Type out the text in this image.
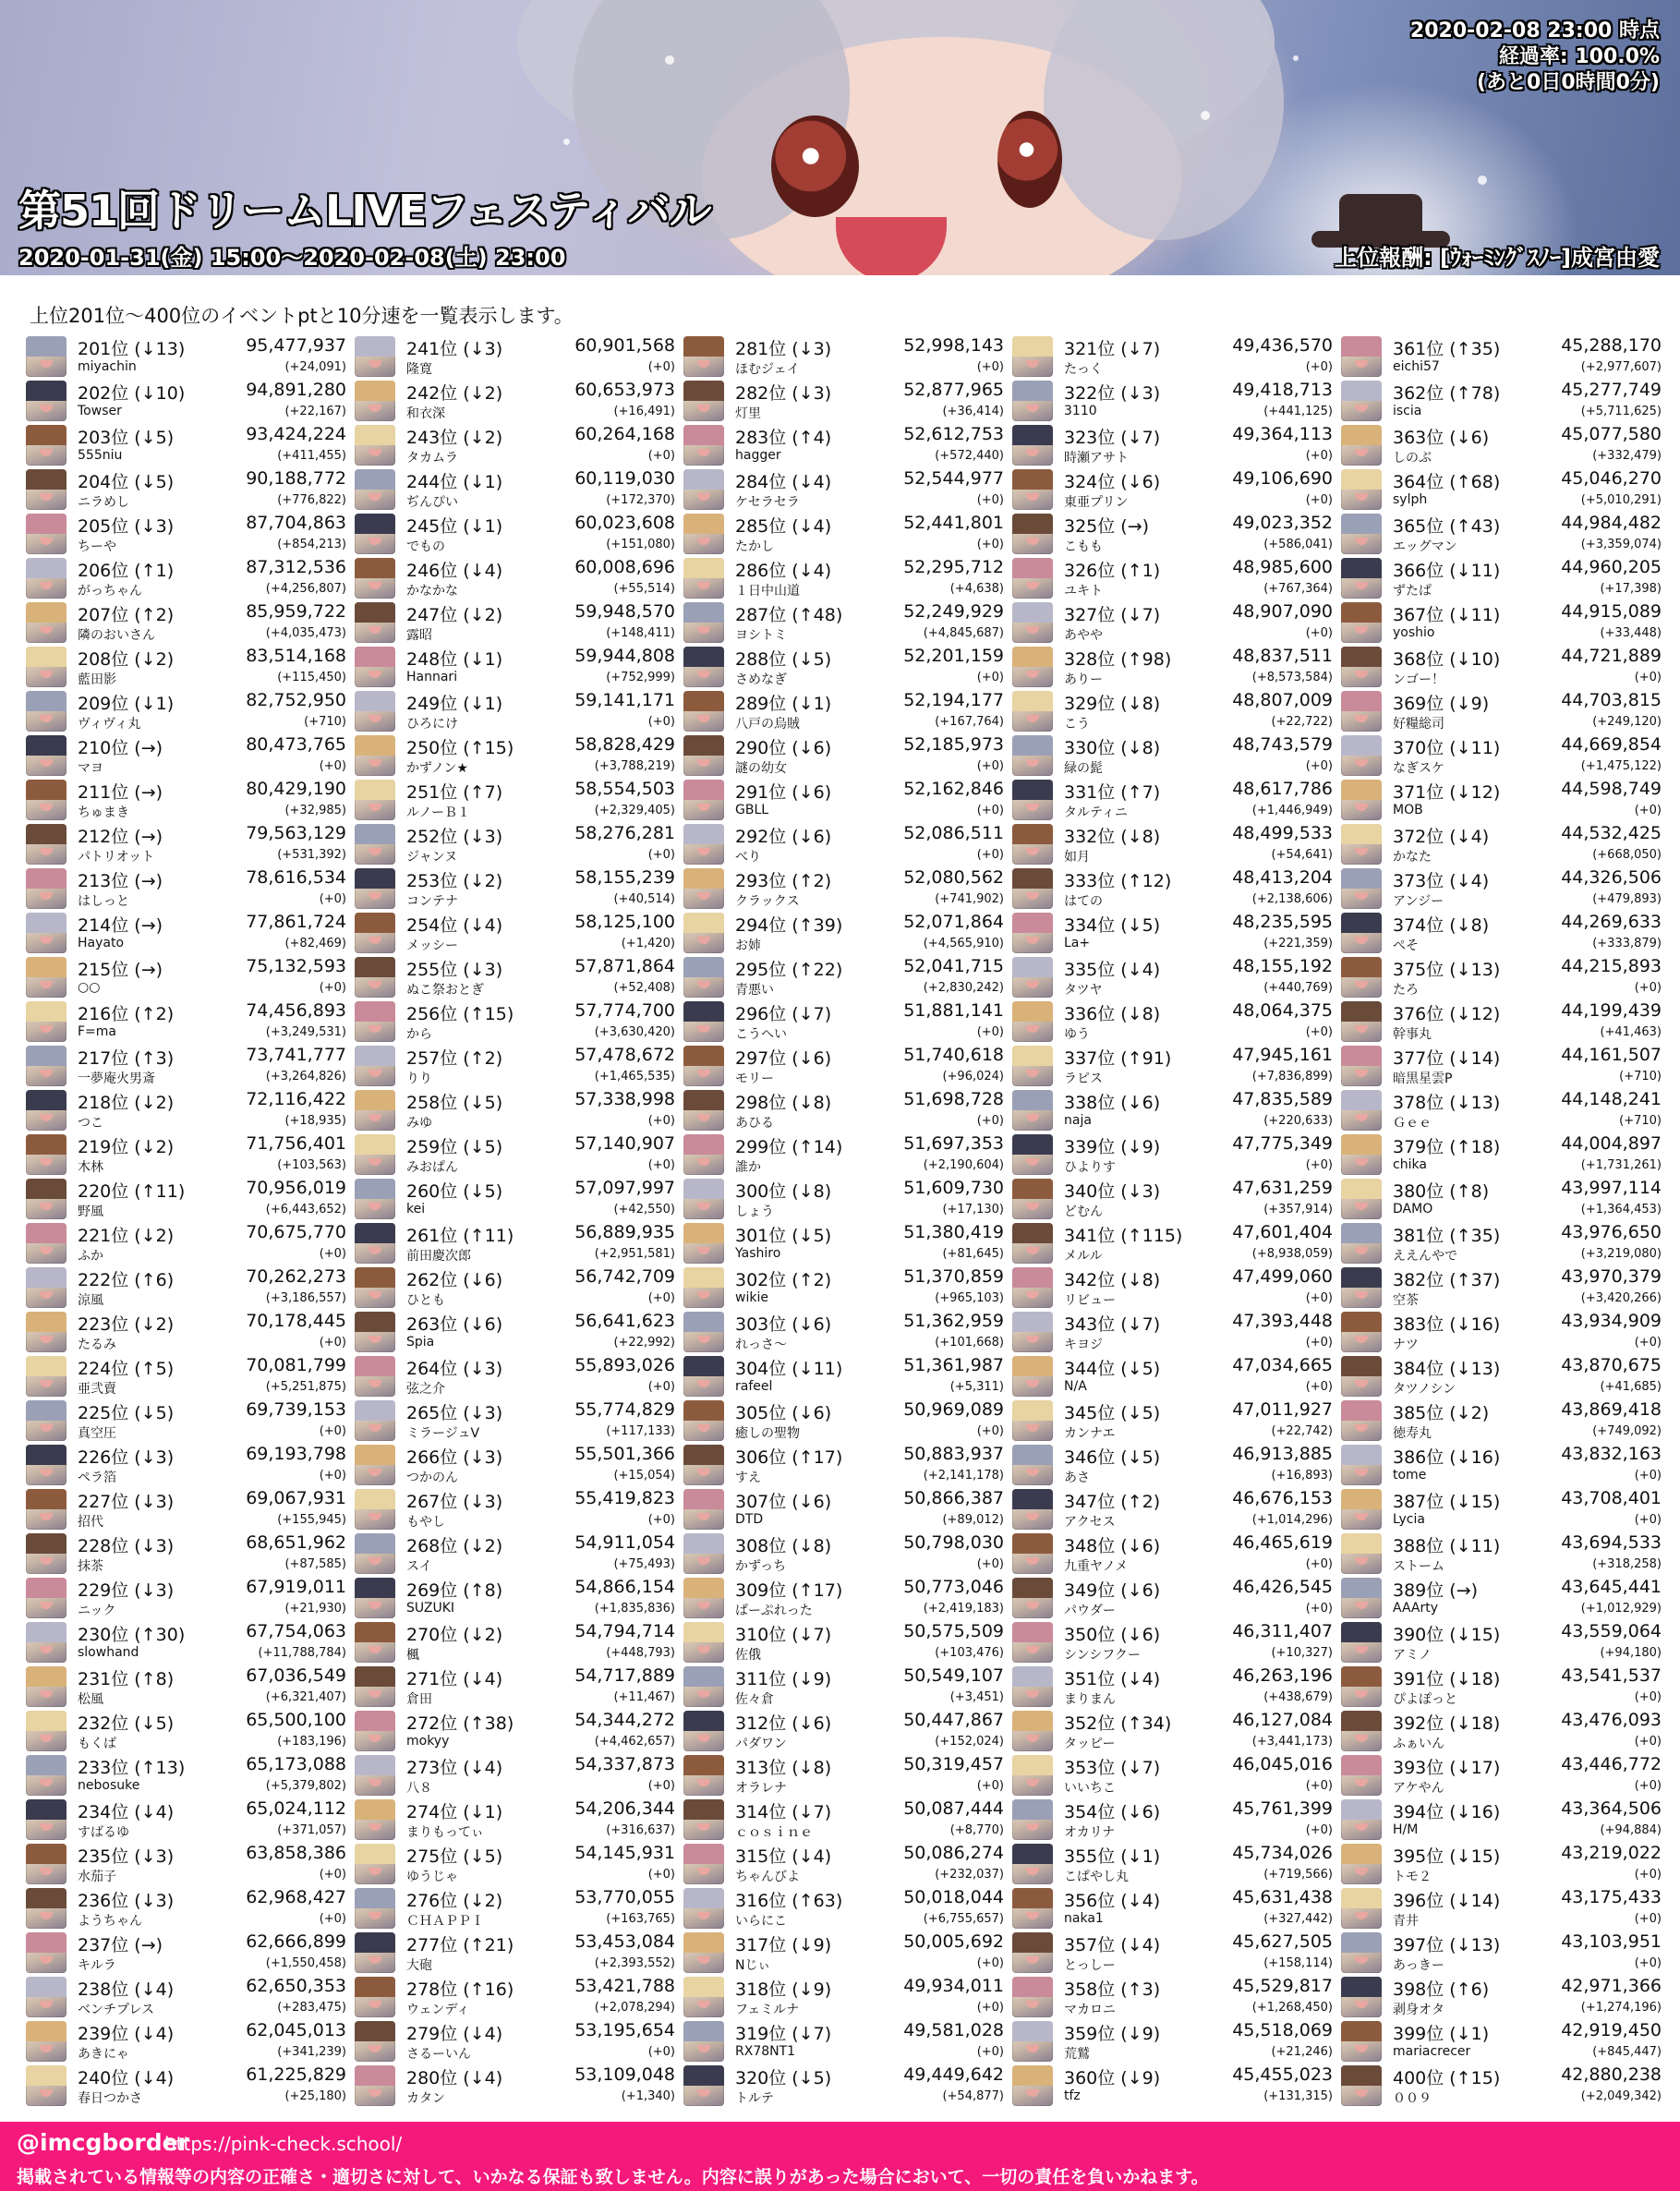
2020-02-08 23:00 時点
経過率: 100.0%
(あと0日0時間0分)
第51回ドリームLIVEフェスティバル
2020-01-31(金) 15:00～2020-02-08(土) 23:00	上位報酬: [ｳｫｰﾐﾝｸﾞｽﾉｰ]成宮由愛

上位201位～400位のイベントptと10分速を一覧表示します。

201位 (↓13)
miyachin
95,477,937
(+24,091)
202位 (↓10)
Towser
94,891,280
(+22,167)
203位 (↓5)
555niu
93,424,224
(+411,455)
204位 (↓5)
ニラめし
90,188,772
(+776,822)
205位 (↓3)
ちーや
87,704,863
(+854,213)
206位 (↑1)
がっちゃん
87,312,536
(+4,256,807)
207位 (↑2)
隣のおいさん
85,959,722
(+4,035,473)
208位 (↓2)
藍田影
83,514,168
(+115,450)
209位 (↓1)
ヴィヴィ丸
82,752,950
(+710)
210位 (→)
マヨ
80,473,765
(+0)
211位 (→)
ちゅまき
80,429,190
(+32,985)
212位 (→)
パトリオット
79,563,129
(+531,392)
213位 (→)
はしっと
78,616,534
(+0)
214位 (→)
Hayato
77,861,724
(+82,469)
215位 (→)
○○
75,132,593
(+0)
216位 (↑2)
F=ma
74,456,893
(+3,249,531)
217位 (↑3)
一夢庵火男斎
73,741,777
(+3,264,826)
218位 (↓2)
つこ
72,116,422
(+18,935)
219位 (↓2)
木林
71,756,401
(+103,563)
220位 (↑11)
野風
70,956,019
(+6,443,652)
221位 (↓2)
ふか
70,675,770
(+0)
222位 (↑6)
涼風
70,262,273
(+3,186,557)
223位 (↓2)
たるみ
70,178,445
(+0)
224位 (↑5)
亜弐賣
70,081,799
(+5,251,875)
225位 (↓5)
真空圧
69,739,153
(+0)
226位 (↓3)
ペラ箔
69,193,798
(+0)
227位 (↓3)
招代
69,067,931
(+155,945)
228位 (↓3)
抹茶
68,651,962
(+87,585)
229位 (↓3)
ニック
67,919,011
(+21,930)
230位 (↑30)
slowhand
67,754,063
(+11,788,784)
231位 (↑8)
松風
67,036,549
(+6,321,407)
232位 (↓5)
もくば
65,500,100
(+183,196)
233位 (↑13)
nebosuke
65,173,088
(+5,379,802)
234位 (↓4)
すばるゆ
65,024,112
(+371,057)
235位 (↓3)
水茄子
63,858,386
(+0)
236位 (↓3)
ようちゃん
62,968,427
(+0)
237位 (→)
キルラ
62,666,899
(+1,550,458)
238位 (↓4)
ベンチプレス
62,650,353
(+283,475)
239位 (↓4)
あきにゃ
62,045,013
(+341,239)
240位 (↓4)
春日つかさ
61,225,829
(+25,180)
241位 (↓3)
隆寛
60,901,568
(+0)
242位 (↓2)
和衣深
60,653,973
(+16,491)
243位 (↓2)
タカムラ
60,264,168
(+0)
244位 (↓1)
ぢんぴい
60,119,030
(+172,370)
245位 (↓1)
でもの
60,023,608
(+151,080)
246位 (↓4)
かなかな
60,008,696
(+55,514)
247位 (↓2)
露昭
59,948,570
(+148,411)
248位 (↓1)
Hannari
59,944,808
(+752,999)
249位 (↓1)
ひろにけ
59,141,171
(+0)
250位 (↑15)
かずノン★
58,828,429
(+3,788,219)
251位 (↑7)
ルノーＢ１
58,554,503
(+2,329,405)
252位 (↓3)
ジャンヌ
58,276,281
(+0)
253位 (↓2)
コンテナ
58,155,239
(+40,514)
254位 (↓4)
メッシー
58,125,100
(+1,420)
255位 (↓3)
ぬこ祭おとぎ
57,871,864
(+52,408)
256位 (↑15)
から
57,774,700
(+3,630,420)
257位 (↑2)
りり
57,478,672
(+1,465,535)
258位 (↓5)
みゆ
57,338,998
(+0)
259位 (↓5)
みおぱん
57,140,907
(+0)
260位 (↓5)
kei
57,097,997
(+42,550)
261位 (↑11)
前田慶次郎
56,889,935
(+2,951,581)
262位 (↓6)
ひとも
56,742,709
(+0)
263位 (↓6)
Spia
56,641,623
(+22,992)
264位 (↓3)
弦之介
55,893,026
(+0)
265位 (↓3)
ミラージュV
55,774,829
(+117,133)
266位 (↓3)
つかのん
55,501,366
(+15,054)
267位 (↓3)
もやし
55,419,823
(+0)
268位 (↓2)
スイ
54,911,054
(+75,493)
269位 (↑8)
SUZUKI
54,866,154
(+1,835,836)
270位 (↓2)
楓
54,794,714
(+448,793)
271位 (↓4)
倉田
54,717,889
(+11,467)
272位 (↑38)
mokyy
54,344,272
(+4,462,657)
273位 (↓4)
八８
54,337,873
(+0)
274位 (↓1)
まりもってぃ
54,206,344
(+316,637)
275位 (↓5)
ゆうじゃ
54,145,931
(+0)
276位 (↓2)
ＣＨＡＰＰＩ
53,770,055
(+163,765)
277位 (↑21)
大砲
53,453,084
(+2,393,552)
278位 (↑16)
ウェンディ
53,421,788
(+2,078,294)
279位 (↓4)
さるーいん
53,195,654
(+0)
280位 (↓4)
カタン
53,109,048
(+1,340)
281位 (↓3)
ほむジェイ
52,998,143
(+0)
282位 (↓3)
灯里
52,877,965
(+36,414)
283位 (↑4)
hagger
52,612,753
(+572,440)
284位 (↓4)
ケセラセラ
52,544,977
(+0)
285位 (↓4)
たかし
52,441,801
(+0)
286位 (↓4)
１日中山道
52,295,712
(+4,638)
287位 (↑48)
ヨシトミ
52,249,929
(+4,845,687)
288位 (↓5)
さめなぎ
52,201,159
(+0)
289位 (↓1)
八戸の烏賊
52,194,177
(+167,764)
290位 (↓6)
謎の幼女
52,185,973
(+0)
291位 (↓6)
GBLL
52,162,846
(+0)
292位 (↓6)
べり
52,086,511
(+0)
293位 (↑2)
クラックス
52,080,562
(+741,902)
294位 (↑39)
お姉
52,071,864
(+4,565,910)
295位 (↑22)
青悪い
52,041,715
(+2,830,242)
296位 (↓7)
こうへい
51,881,141
(+0)
297位 (↓6)
モリー
51,740,618
(+96,024)
298位 (↓8)
あひる
51,698,728
(+0)
299位 (↑14)
誰か
51,697,353
(+2,190,604)
300位 (↓8)
しょう
51,609,730
(+17,130)
301位 (↓5)
Yashiro
51,380,419
(+81,645)
302位 (↑2)
wikie
51,370,859
(+965,103)
303位 (↓6)
れっさ～
51,362,959
(+101,668)
304位 (↓11)
rafeel
51,361,987
(+5,311)
305位 (↓6)
癒しの聖物
50,969,089
(+0)
306位 (↑17)
すえ
50,883,937
(+2,141,178)
307位 (↓6)
DTD
50,866,387
(+89,012)
308位 (↓8)
かずっち
50,798,030
(+0)
309位 (↑17)
ぱーぷれった
50,773,046
(+2,419,183)
310位 (↓7)
佐俄
50,575,509
(+103,476)
311位 (↓9)
佐々倉
50,549,107
(+3,451)
312位 (↓6)
パダワン
50,447,867
(+152,024)
313位 (↓8)
オラレナ
50,319,457
(+0)
314位 (↓7)
ｃｏｓｉｎｅ
50,087,444
(+8,770)
315位 (↓4)
ちゃんびよ
50,086,274
(+232,037)
316位 (↑63)
いらにこ
50,018,044
(+6,755,657)
317位 (↓9)
Nじぃ
50,005,692
(+0)
318位 (↓9)
フェミルナ
49,934,011
(+0)
319位 (↓7)
RX78NT1
49,581,028
(+0)
320位 (↓5)
トルテ
49,449,642
(+54,877)
321位 (↓7)
たっく
49,436,570
(+0)
322位 (↓3)
3110
49,418,713
(+441,125)
323位 (↓7)
時瀬アサト
49,364,113
(+0)
324位 (↓6)
東亜プリン
49,106,690
(+0)
325位 (→)
こもも
49,023,352
(+586,041)
326位 (↑1)
ユキト
48,985,600
(+767,364)
327位 (↓7)
あやや
48,907,090
(+0)
328位 (↑98)
ありー
48,837,511
(+8,573,584)
329位 (↓8)
こう
48,807,009
(+22,722)
330位 (↓8)
緑の髭
48,743,579
(+0)
331位 (↑7)
タルティニ
48,617,786
(+1,446,949)
332位 (↓8)
如月
48,499,533
(+54,641)
333位 (↑12)
はての
48,413,204
(+2,138,606)
334位 (↓5)
La+
48,235,595
(+221,359)
335位 (↓4)
タツヤ
48,155,192
(+440,769)
336位 (↓8)
ゆう
48,064,375
(+0)
337位 (↑91)
ラピス
47,945,161
(+7,836,899)
338位 (↓6)
naja
47,835,589
(+220,633)
339位 (↓9)
ひよりす
47,775,349
(+0)
340位 (↓3)
どむん
47,631,259
(+357,914)
341位 (↑115)
メルル
47,601,404
(+8,938,059)
342位 (↓8)
リビュー
47,499,060
(+0)
343位 (↓7)
キヨジ
47,393,448
(+0)
344位 (↓5)
N/A
47,034,665
(+0)
345位 (↓5)
カンナエ
47,011,927
(+22,742)
346位 (↓5)
あさ
46,913,885
(+16,893)
347位 (↑2)
アクセス
46,676,153
(+1,014,296)
348位 (↓6)
九重ヤノメ
46,465,619
(+0)
349位 (↓6)
パウダー
46,426,545
(+0)
350位 (↓6)
シンシフクー
46,311,407
(+10,327)
351位 (↓4)
まりまん
46,263,196
(+438,679)
352位 (↑34)
タッピー
46,127,084
(+3,441,173)
353位 (↓7)
いいちこ
46,045,016
(+0)
354位 (↓6)
オカリナ
45,761,399
(+0)
355位 (↓1)
こぱやし丸
45,734,026
(+719,566)
356位 (↓4)
naka1
45,631,438
(+327,442)
357位 (↓4)
とっしー
45,627,505
(+158,114)
358位 (↑3)
マカロニ
45,529,817
(+1,268,450)
359位 (↓9)
荒鷲
45,518,069
(+21,246)
360位 (↓9)
tfz
45,455,023
(+131,315)
361位 (↑35)
eichi57
45,288,170
(+2,977,607)
362位 (↑78)
iscia
45,277,749
(+5,711,625)
363位 (↓6)
しのぶ
45,077,580
(+332,479)
364位 (↑68)
sylph
45,046,270
(+5,010,291)
365位 (↑43)
エッグマン
44,984,482
(+3,359,074)
366位 (↓11)
ずたぱ
44,960,205
(+17,398)
367位 (↓11)
yoshio
44,915,089
(+33,448)
368位 (↓10)
ンゴー！
44,721,889
(+0)
369位 (↓9)
好糧総司
44,703,815
(+249,120)
370位 (↓11)
なぎスケ
44,669,854
(+1,475,122)
371位 (↓12)
MOB
44,598,749
(+0)
372位 (↓4)
かなた
44,532,425
(+668,050)
373位 (↓4)
アンジー
44,326,506
(+479,893)
374位 (↓8)
ぺそ
44,269,633
(+333,879)
375位 (↓13)
たろ
44,215,893
(+0)
376位 (↓12)
幹事丸
44,199,439
(+41,463)
377位 (↓14)
暗黒星雲P
44,161,507
(+710)
378位 (↓13)
Ｇｅｅ
44,148,241
(+710)
379位 (↑18)
chika
44,004,897
(+1,731,261)
380位 (↑8)
DAMO
43,997,114
(+1,364,453)
381位 (↑35)
ええんやで
43,976,650
(+3,219,080)
382位 (↑37)
空茶
43,970,379
(+3,420,266)
383位 (↓16)
ナツ
43,934,909
(+0)
384位 (↓13)
タツノシン
43,870,675
(+41,685)
385位 (↓2)
徳寿丸
43,869,418
(+749,092)
386位 (↓16)
tome
43,832,163
(+0)
387位 (↓15)
Lycia
43,708,401
(+0)
388位 (↓11)
ストーム
43,694,533
(+318,258)
389位 (→)
AAArty
43,645,441
(+1,012,929)
390位 (↓15)
アミノ
43,559,064
(+94,180)
391位 (↓18)
ぴよぽっと
43,541,537
(+0)
392位 (↓18)
ふぁいん
43,476,093
(+0)
393位 (↓17)
アケやん
43,446,772
(+0)
394位 (↓16)
H/M
43,364,506
(+94,884)
395位 (↓15)
トモ２
43,219,022
(+0)
396位 (↓14)
青井
43,175,433
(+0)
397位 (↓13)
あっきー
43,103,951
(+0)
398位 (↑6)
剥身オタ
42,971,366
(+1,274,196)
399位 (↓1)
mariacrecer
42,919,450
(+845,447)
400位 (↑15)
００９
42,880,238
(+2,049,342)
@imcgborder
https://pink-check.school/
掲載されている情報等の内容の正確さ・適切さに対して、いかなる保証も致しません。内容に誤りがあった場合において、一切の責任を負いかねます。
